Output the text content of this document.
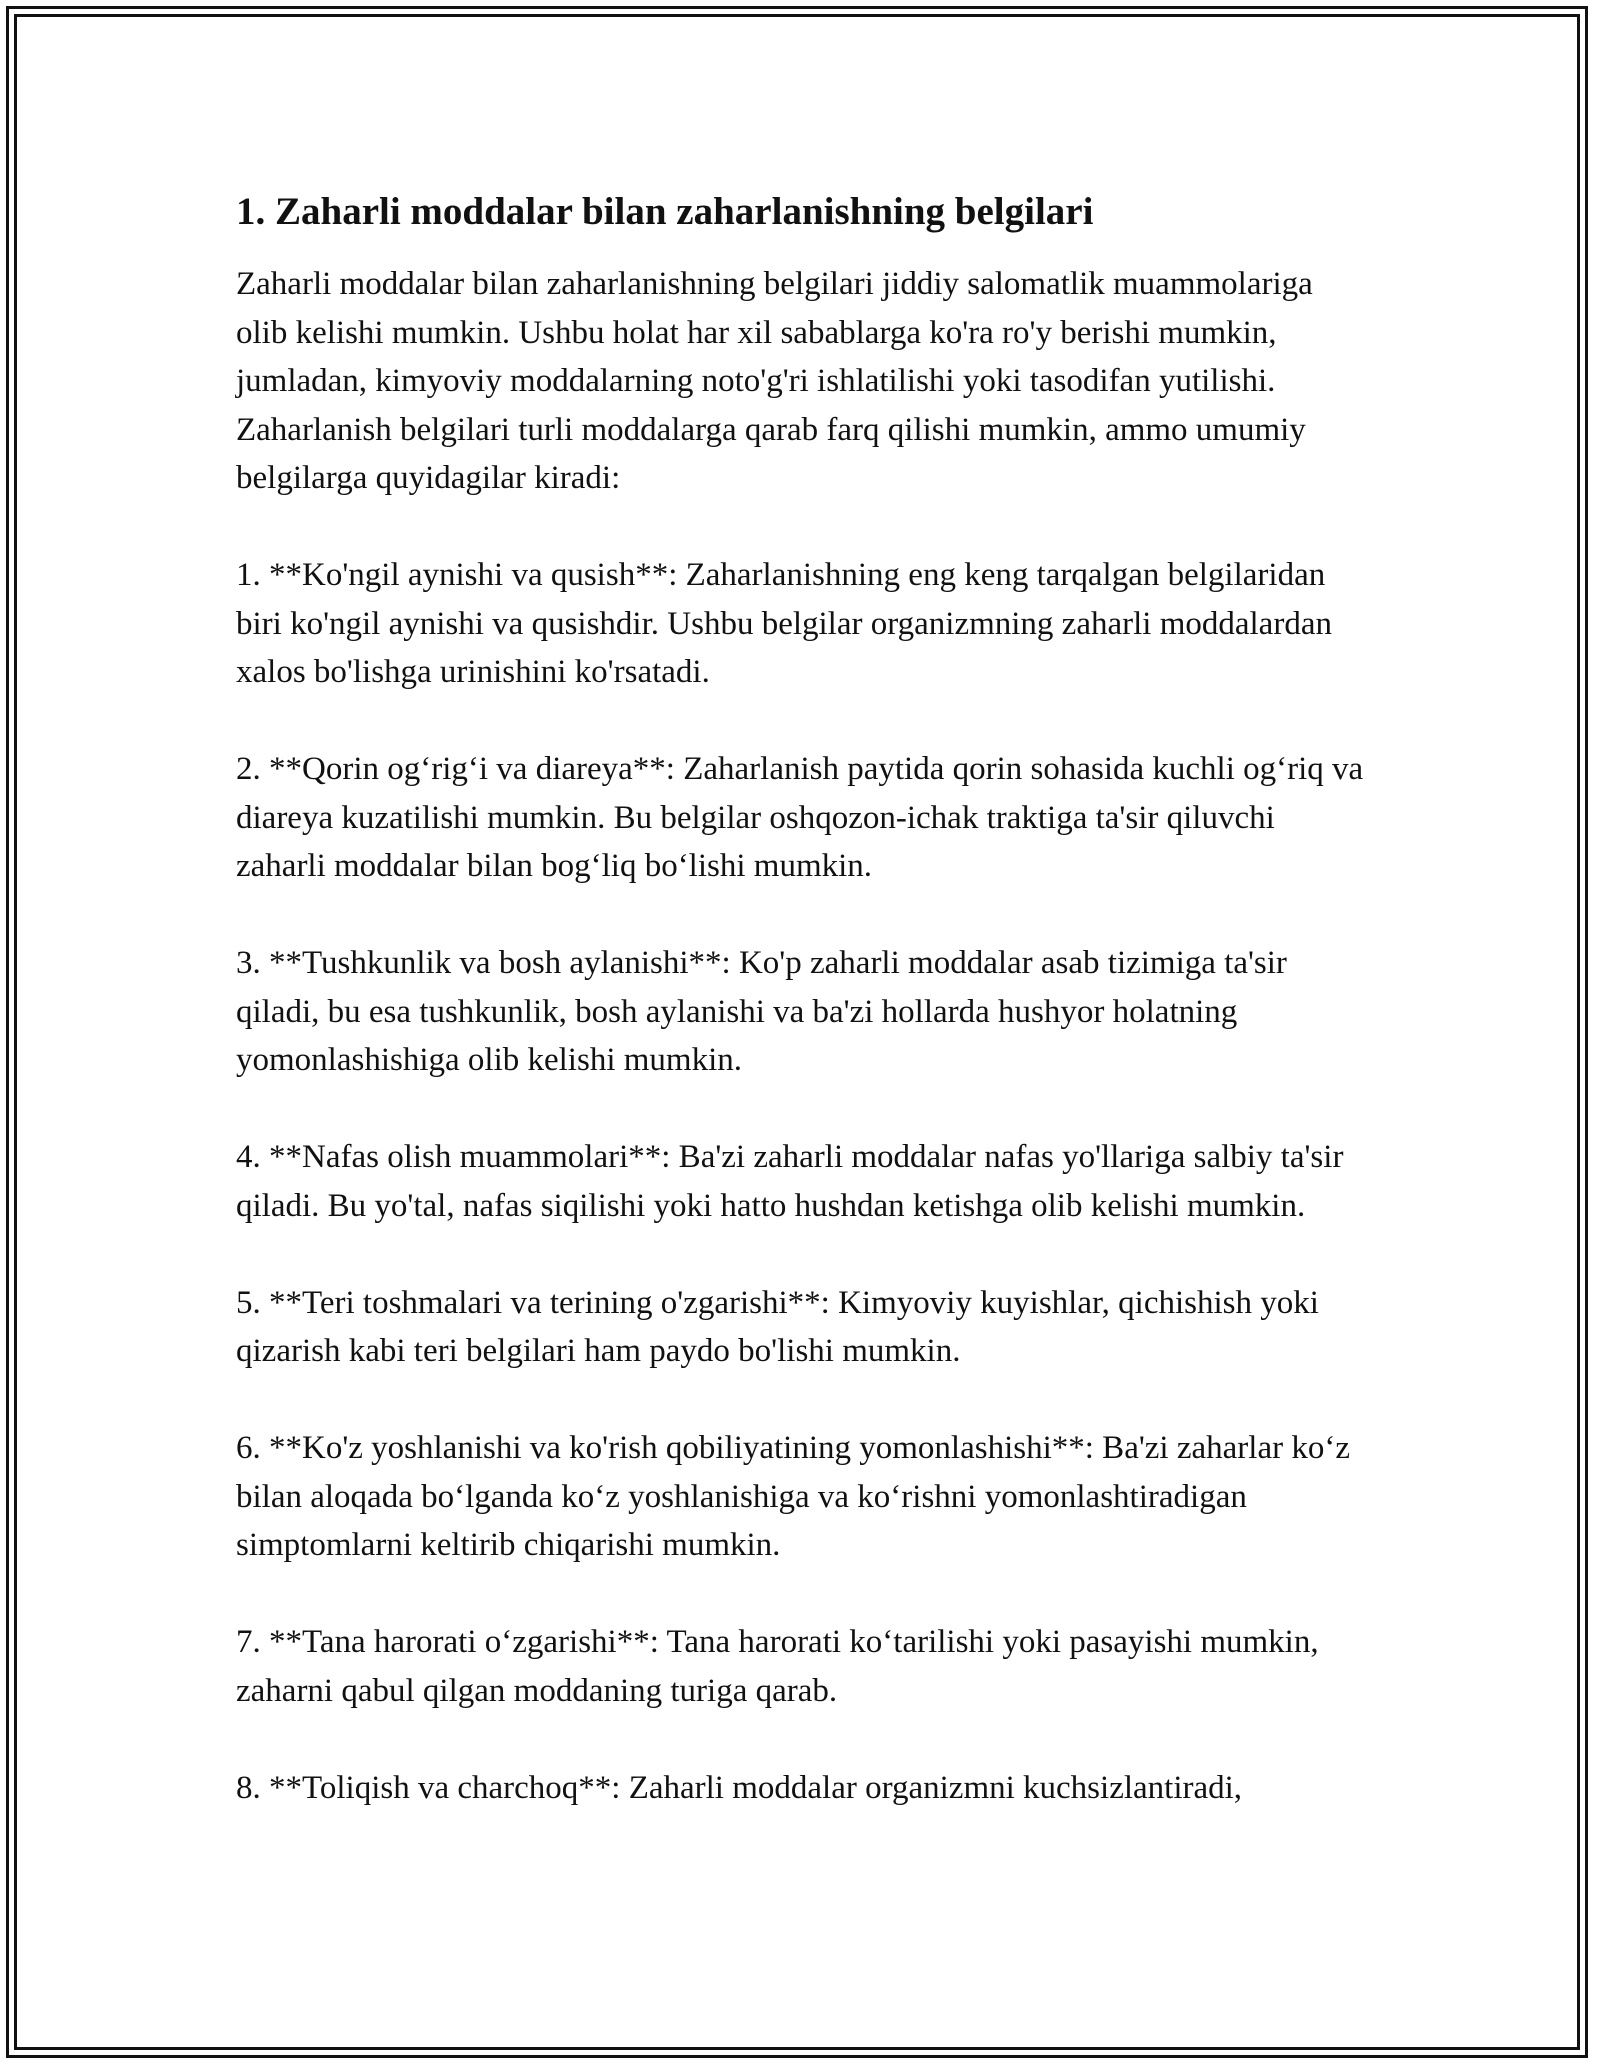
1. Zaharli moddalar bilan zaharlanishning belgilari

Zaharli moddalar bilan zaharlanishning belgilari jiddiy salomatlik muammolariga olib kelishi mumkin. Ushbu holat har xil sabablarga ko'ra ro'y berishi mumkin, jumladan, kimyoviy moddalarning noto'g'ri ishlatilishi yoki tasodifan yutilishi. Zaharlanish belgilari turli moddalarga qarab farq qilishi mumkin, ammo umumiy belgilarga quyidagilar kiradi:

1. **Ko'ngil aynishi va qusish**: Zaharlanishning eng keng tarqalgan belgilaridan biri ko'ngil aynishi va qusishdir. Ushbu belgilar organizmning zaharli moddalardan xalos bo'lishga urinishini ko'rsatadi.

2. **Qorin og‘rig‘i va diareya**: Zaharlanish paytida qorin sohasida kuchli og‘riq va diareya kuzatilishi mumkin. Bu belgilar oshqozon-ichak traktiga ta'sir qiluvchi zaharli moddalar bilan bog‘liq bo‘lishi mumkin.

3. **Tushkunlik va bosh aylanishi**: Ko'p zaharli moddalar asab tizimiga ta'sir qiladi, bu esa tushkunlik, bosh aylanishi va ba'zi hollarda hushyor holatning yomonlashishiga olib kelishi mumkin.

4. **Nafas olish muammolari**: Ba'zi zaharli moddalar nafas yo'llariga salbiy ta'sir qiladi. Bu yo'tal, nafas siqilishi yoki hatto hushdan ketishga olib kelishi mumkin.

5. **Teri toshmalari va terining o'zgarishi**: Kimyoviy kuyishlar, qichishish yoki qizarish kabi teri belgilari ham paydo bo'lishi mumkin.

6. **Ko'z yoshlanishi va ko'rish qobiliyatining yomonlashishi**: Ba'zi zaharlar ko‘z bilan aloqada bo‘lganda ko‘z yoshlanishiga va ko‘rishni yomonlashtiradigan simptomlarni keltirib chiqarishi mumkin.

7. **Tana harorati o‘zgarishi**: Tana harorati ko‘tarilishi yoki pasayishi mumkin, zaharni qabul qilgan moddaning turiga qarab.

8. **Toliqish va charchoq**: Zaharli moddalar organizmni kuchsizlantiradi,
